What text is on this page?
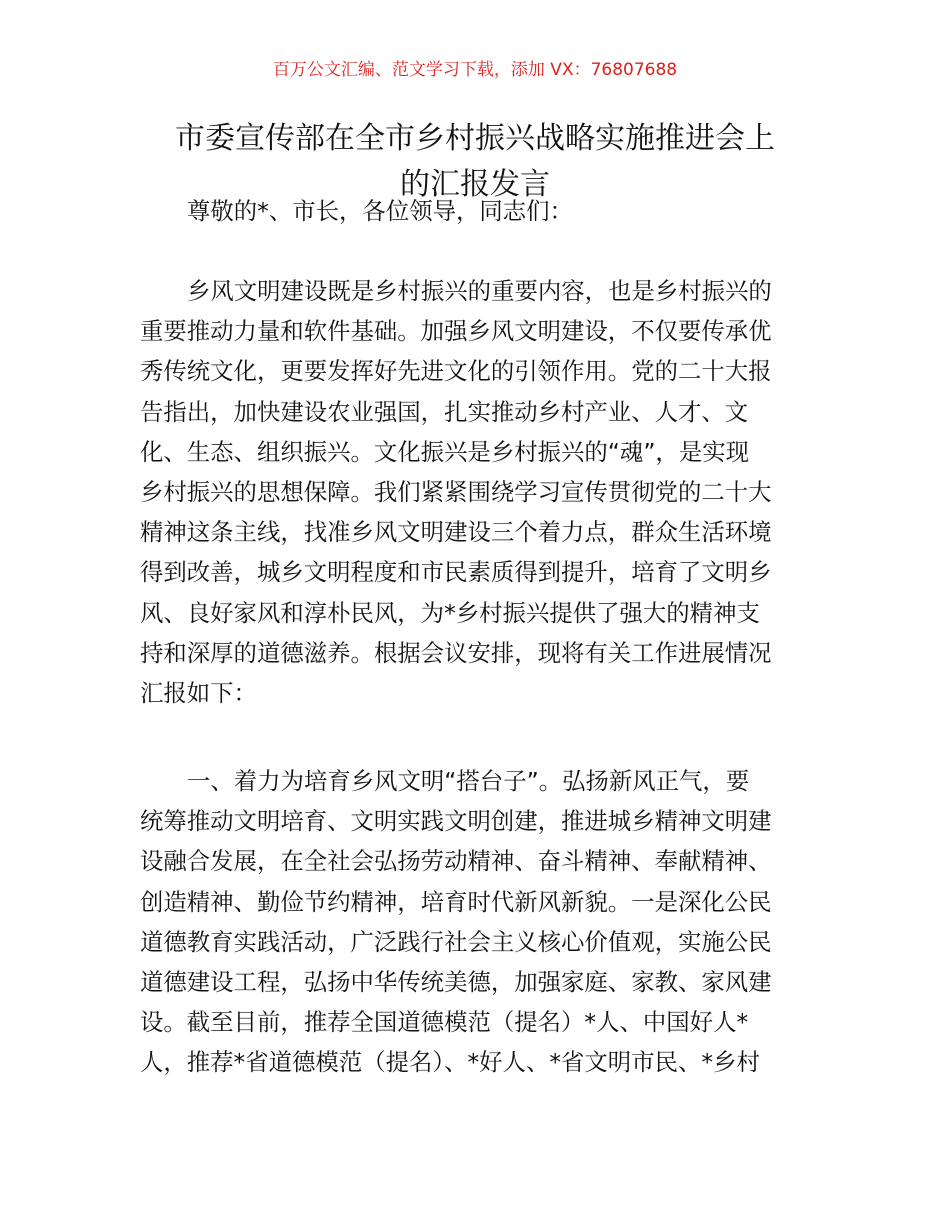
百万公文汇编、范文学习下载，添加 VX：76807688
市委宣传部在全市乡村振兴战略实施推进会上
的汇报发言
尊敬的*、市长，各位领导，同志们：
乡风文明建设既是乡村振兴的重要内容，也是乡村振兴的
重要推动力量和软件基础。加强乡风文明建设，不仅要传承优
秀传统文化，更要发挥好先进文化的引领作用。党的二十大报
告指出，加快建设农业强国，扎实推动乡村产业、人才、文
化、生态、组织振兴。文化振兴是乡村振兴的“魂”，是实现
乡村振兴的思想保障。我们紧紧围绕学习宣传贯彻党的二十大
精神这条主线，找准乡风文明建设三个着力点，群众生活环境
得到改善，城乡文明程度和市民素质得到提升，培育了文明乡
风、良好家风和淳朴民风，为*乡村振兴提供了强大的精神支
持和深厚的道德滋养。根据会议安排，现将有关工作进展情况
汇报如下：
一、着力为培育乡风文明“搭台子”。弘扬新风正气，要
统筹推动文明培育、文明实践文明创建，推进城乡精神文明建
设融合发展，在全社会弘扬劳动精神、奋斗精神、奉献精神、
创造精神、勤俭节约精神，培育时代新风新貌。一是深化公民
道德教育实践活动，广泛践行社会主义核心价值观，实施公民
道德建设工程，弘扬中华传统美德，加强家庭、家教、家风建
设。截至目前，推荐全国道德模范（提名）*人、中国好人*
人，推荐*省道德模范（提名）、*好人、*省文明市民、*乡村
